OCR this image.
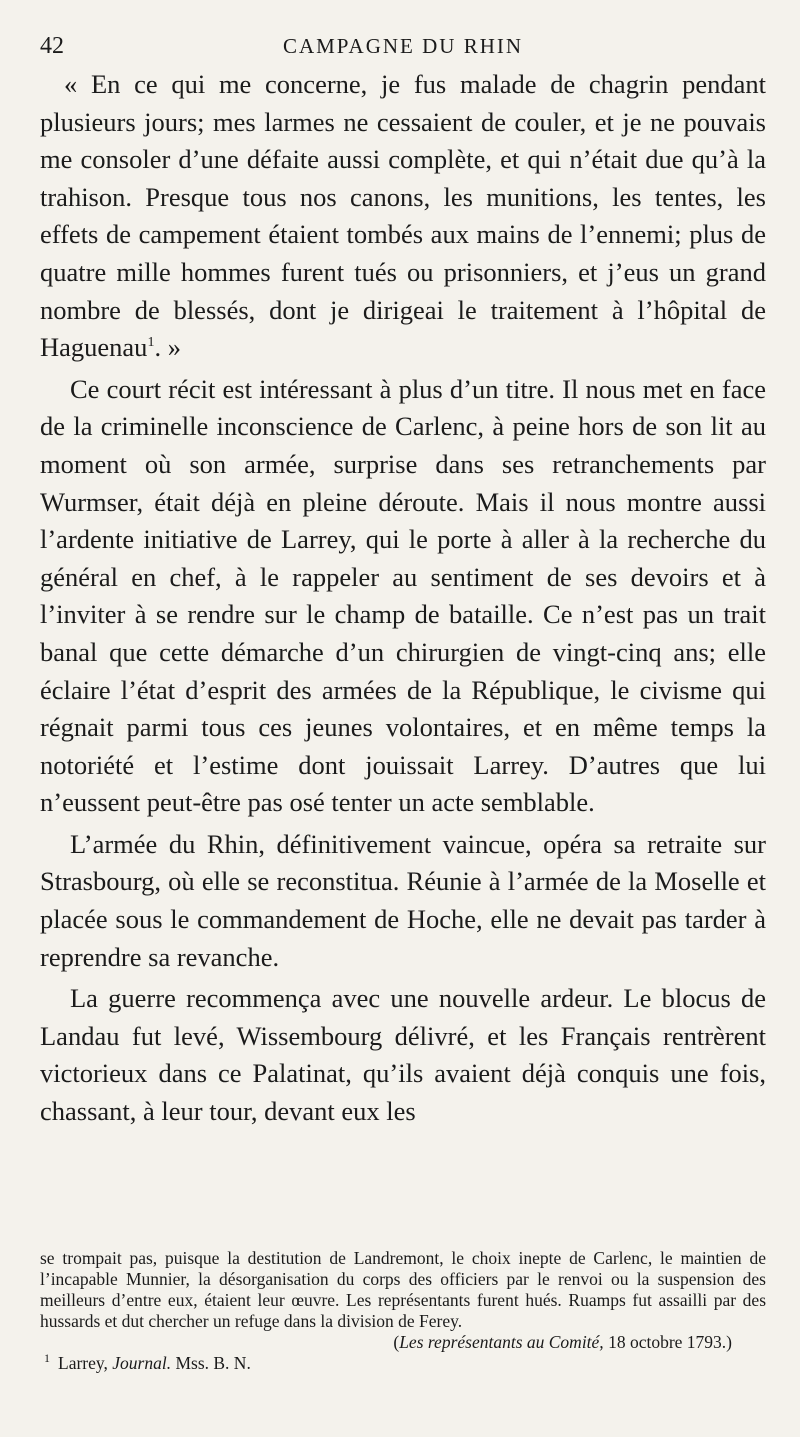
42	CAMPAGNE DU RHIN

« En ce qui me concerne, je fus malade de chagrin pendant plusieurs jours; mes larmes ne cessaient de couler, et je ne pouvais me consoler d’une défaite aussi complète, et qui n’était due qu’à la trahison. Presque tous nos canons, les munitions, les tentes, les effets de campement étaient tombés aux mains de l’ennemi; plus de quatre mille hommes furent tués ou prisonniers, et j’eus un grand nombre de blessés, dont je dirigeai le traitement à l’hôpital de Haguenau$^1$. »

Ce court récit est intéressant à plus d’un titre. Il nous met en face de la criminelle inconscience de Carlenc, à peine hors de son lit au moment où son armée, surprise dans ses retranchements par Wurmser, était déjà en pleine déroute. Mais il nous montre aussi l’ardente initiative de Larrey, qui le porte à aller à la recherche du général en chef, à le rappeler au sentiment de ses devoirs et à l’inviter à se rendre sur le champ de bataille. Ce n’est pas un trait banal que cette démarche d’un chirurgien de vingt-cinq ans; elle éclaire l’état d’esprit des armées de la République, le civisme qui régnait parmi tous ces jeunes volontaires, et en même temps la notoriété et l’estime dont jouissait Larrey. D’autres que lui n’eussent peut-être pas osé tenter un acte semblable.

L’armée du Rhin, définitivement vaincue, opéra sa retraite sur Strasbourg, où elle se reconstitua. Réunie à l’armée de la Moselle et placée sous le commandement de Hoche, elle ne devait pas tarder à reprendre sa revanche.

La guerre recommença avec une nouvelle ardeur. Le blocus de Landau fut levé, Wissembourg délivré, et les Français rentrèrent victorieux dans ce Palatinat, qu’ils avaient déjà conquis une fois, chassant, à leur tour, devant eux les

se trompait pas, puisque la destitution de Landremont, le choix inepte de Carlenc, le maintien de l’incapable Munnier, la désorganisation du corps des officiers par le renvoi ou la suspension des meilleurs d’entre eux, étaient leur œuvre. Les représentants furent hués. Ruamps fut assailli par des hussards et dut chercher un refuge dans la division de Ferey.

(Les représentants au Comité, 18 octobre 1793.)

$^1$ Larrey, Journal. Mss. B. N.
